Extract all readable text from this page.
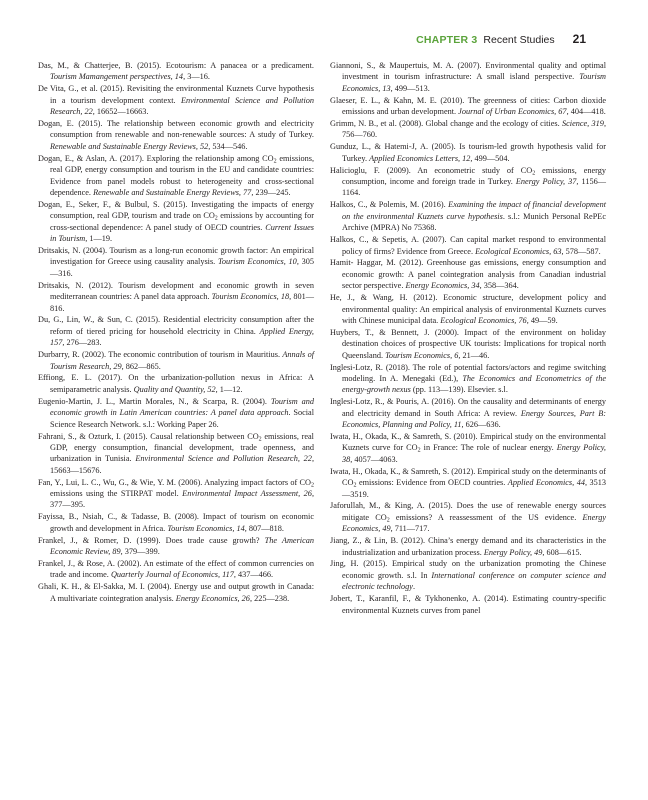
CHAPTER 3 Recent Studies 21

Das, M., & Chatterjee, B. (2015). Ecotourism: A panacea or a predicament. Tourism Mamangement perspectives, 14, 3—16.

De Vita, G., et al. (2015). Revisiting the environmental Kuznets Curve hypothesis in a tourism development context. Environmental Science and Pollution Research, 22, 16652—16663.

Dogan, E. (2015). The relationship between economic growth and electricity consumption from renewable and non-renewable sources: A study of Turkey. Renewable and Sustainable Energy Reviews, 52, 534—546.

Dogan, E., & Aslan, A. (2017). Exploring the relationship among $CO_2$ emissions, real GDP, energy consumption and tourism in the EU and candidate countries: Evidence from panel models robust to heterogeneity and cross-sectional dependence. Renewable and Sustainable Energy Reviews, 77, 239—245.

Dogan, E., Seker, F., & Bulbul, S. (2015). Investigating the impacts of energy consumption, real GDP, tourism and trade on $CO_2$ emissions by accounting for cross-sectional dependence: A panel study of OECD countries. Current Issues in Tourism, 1—19.

Dritsakis, N. (2004). Tourism as a long-run economic growth factor: An empirical investigation for Greece using causality analysis. Tourism Economics, 10, 305—316.

Dritsakis, N. (2012). Tourism development and economic growth in seven mediterranean countries: A panel data approach. Tourism Economics, 18, 801—816.

Du, G., Lin, W., & Sun, C. (2015). Residential electricity consumption after the reform of tiered pricing for household electricity in China. Applied Energy, 157, 276—283.

Durbarry, R. (2002). The economic contribution of tourism in Mauritius. Annals of Tourism Research, 29, 862—865.

Effiong, E. L. (2017). On the urbanization-pollution nexus in Africa: A semiparametric analysis. Quality and Quantity, 52, 1—12.

Eugenio-Martin, J. L., Martin Morales, N., & Scarpa, R. (2004). Tourism and economic growth in Latin American countries: A panel data approach. Social Science Research Network. s.l.: Working Paper 26.

Fahrani, S., & Ozturk, I. (2015). Causal relationship between $CO_2$ emissions, real GDP, energy consumption, financial development, trade openness, and urbanization in Tunisia. Environmental Science and Pollution Research, 22, 15663—15676.

Fan, Y., Lui, L. C., Wu, G., & Wie, Y. M. (2006). Analyzing impact factors of $CO_2$ emissions using the STIRPAT model. Environmental Impact Assessment, 26, 377—395.

Fayissa, B., Nsiah, C., & Tadasse, B. (2008). Impact of tourism on economic growth and development in Africa. Tourism Economics, 14, 807—818.

Frankel, J., & Romer, D. (1999). Does trade cause growth? The American Economic Review, 89, 379—399.

Frankel, J., & Rose, A. (2002). An estimate of the effect of common currencies on trade and income. Quarterly Journal of Economics, 117, 437—466.

Ghali, K. H., & El-Sakka, M. I. (2004). Energy use and output growth in Canada: A multivariate cointegration analysis. Energy Economics, 26, 225—238.

Giannoni, S., & Maupertuis, M. A. (2007). Environmental quality and optimal investment in tourism infrastructure: A small island perspective. Tourism Economics, 13, 499—513.

Glaeser, E. L., & Kahn, M. E. (2010). The greenness of cities: Carbon dioxide emissions and urban development. Journal of Urban Economics, 67, 404—418.

Grimm, N. B., et al. (2008). Global change and the ecology of cities. Science, 319, 756—760.

Gunduz, L., & Hatemi-J, A. (2005). Is tourism-led growth hypothesis valid for Turkey. Applied Economics Letters, 12, 499—504.

Halicioglu, F. (2009). An econometric study of $CO_2$ emissions, energy consumption, income and foreign trade in Turkey. Energy Policy, 37, 1156—1164.

Halkos, C., & Polemis, M. (2016). Examining the impact of financial development on the environmental Kuznets curve hypothesis. s.l.: Munich Personal RePEc Archive (MPRA) No 75368.

Halkos, C., & Sepetis, A. (2007). Can capital market respond to environmental policy of firms? Evidence from Greece. Ecological Economics, 63, 578—587.

Hamit- Haggar, M. (2012). Greenhouse gas emissions, energy consumption and economic growth: A panel cointegration analysis from Canadian industrial sector perspective. Energy Economics, 34, 358—364.

He, J., & Wang, H. (2012). Economic structure, development policy and environmental quality: An empirical analysis of environmental Kuznets curves with Chinese municipal data. Ecological Economics, 76, 49—59.

Huybers, T., & Bennett, J. (2000). Impact of the environment on holiday destination choices of prospective UK tourists: Implications for tropical north Queensland. Tourism Economics, 6, 21—46.

Inglesi-Lotz, R. (2018). The role of potential factors/actors and regime switching modeling. In A. Menegaki (Ed.), The Economics and Econometrics of the energy-growth nexus (pp. 113—139). Elsevier. s.l.

Inglesi-Lotz, R., & Pouris, A. (2016). On the causality and determinants of energy and electricity demand in South Africa: A review. Energy Sources, Part B: Economics, Planning and Policy, 11, 626—636.

Iwata, H., Okada, K., & Samreth, S. (2010). Empirical study on the environmental Kuznets curve for $CO_2$ in France: The role of nuclear energy. Energy Policy, 38, 4057—4063.

Iwata, H., Okada, K., & Samreth, S. (2012). Empirical study on the determinants of $CO_2$ emissions: Evidence from OECD countries. Applied Economics, 44, 3513—3519.

Jaforullah, M., & King, A. (2015). Does the use of renewable energy sources mitigate $CO_2$ emissions? A reassessment of the US evidence. Energy Economics, 49, 711—717.

Jiang, Z., & Lin, B. (2012). China’s energy demand and its characteristics in the industrialization and urbanization process. Energy Policy, 49, 608—615.

Jing, H. (2015). Empirical study on the urbanization promoting the Chinese economic growth. s.l. In International conference on computer science and electronic technology.

Jobert, T., Karanfil, F., & Tykhonenko, A. (2014). Estimating country-specific environmental Kuznets curves from panel
